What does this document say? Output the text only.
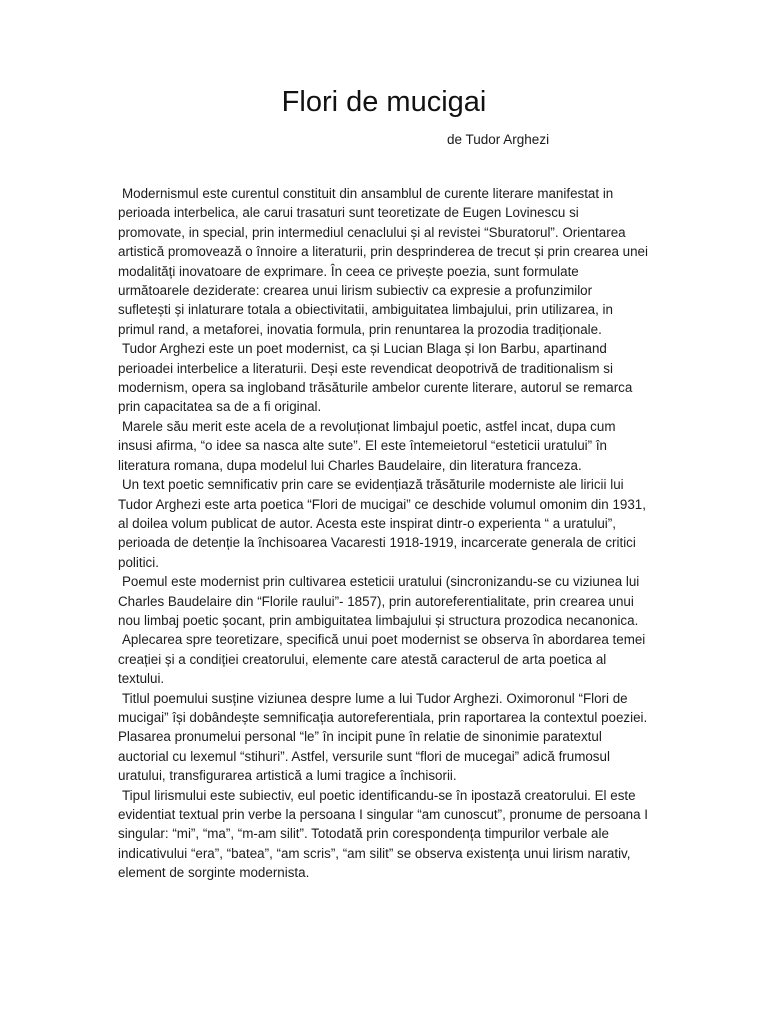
Flori de mucigai

de Tudor Arghezi

Modernismul este curentul constituit din ansamblul de curente literare manifestat in perioada interbelica, ale carui trasaturi sunt teoretizate de Eugen Lovinescu si promovate, in special, prin intermediul cenaclului și al revistei “Sburatorul”. Orientarea artistică promovează o înnoire a literaturii, prin desprinderea de trecut și prin crearea unei modalități inovatoare de exprimare. În ceea ce privește poezia, sunt formulate următoarele deziderate: crearea unui lirism subiectiv ca expresie a profunzimilor sufletești și inlaturare totala a obiectivitatii, ambiguitatea limbajului, prin utilizarea, in primul rand, a metaforei, inovatia formula, prin renuntarea la prozodia tradiționale.

Tudor Arghezi este un poet modernist, ca și Lucian Blaga și Ion Barbu, apartinand perioadei interbelice a literaturii. Deși este revendicat deopotrivă de traditionalism si modernism, opera sa ingloband trăsăturile ambelor curente literare, autorul se remarca prin capacitatea sa de a fi original.

Marele său merit este acela de a revoluționat limbajul poetic, astfel incat, dupa cum insusi afirma, “o idee sa nasca alte sute”. El este întemeietorul “esteticii uratului” în literatura romana, dupa modelul lui Charles Baudelaire, din literatura franceza.

Un text poetic semnificativ prin care se evidențiază trăsăturile moderniste ale liricii lui Tudor Arghezi este arta poetica “Flori de mucigai” ce deschide volumul omonim din 1931, al doilea volum publicat de autor. Acesta este inspirat dintr-o experienta “ a uratului”, perioada de detenție la închisoarea Vacaresti 1918-1919, incarcerate generala de critici politici.

Poemul este modernist prin cultivarea esteticii uratului (sincronizandu-se cu viziunea lui Charles Baudelaire din “Florile raului”- 1857), prin autoreferentialitate, prin crearea unui nou limbaj poetic șocant, prin ambiguitatea limbajului și structura prozodica necanonica.

Aplecarea spre teoretizare, specifică unui poet modernist se observa în abordarea temei creației și a condiției creatorului, elemente care atestă caracterul de arta poetica al textului.

Titlul poemului susține viziunea despre lume a lui Tudor Arghezi. Oximoronul “Flori de mucigai” își dobândește semnificația autoreferentiala, prin raportarea la contextul poeziei. Plasarea pronumelui personal “le” în incipit pune în relatie de sinonimie paratextul auctorial cu lexemul “stihuri”. Astfel, versurile sunt “flori de mucegai” adică frumosul uratului, transfigurarea artistică a lumi tragice a închisorii.

Tipul lirismului este subiectiv, eul poetic identificandu-se în ipostază creatorului. El este evidentiat textual prin verbe la persoana I singular “am cunoscut”, pronume de persoana I singular: “mi”, “ma”, “m-am silit”. Totodată prin corespondența timpurilor verbale ale indicativului “era”, “batea”, “am scris”, “am silit” se observa existența unui lirism narativ, element de sorginte modernista.
